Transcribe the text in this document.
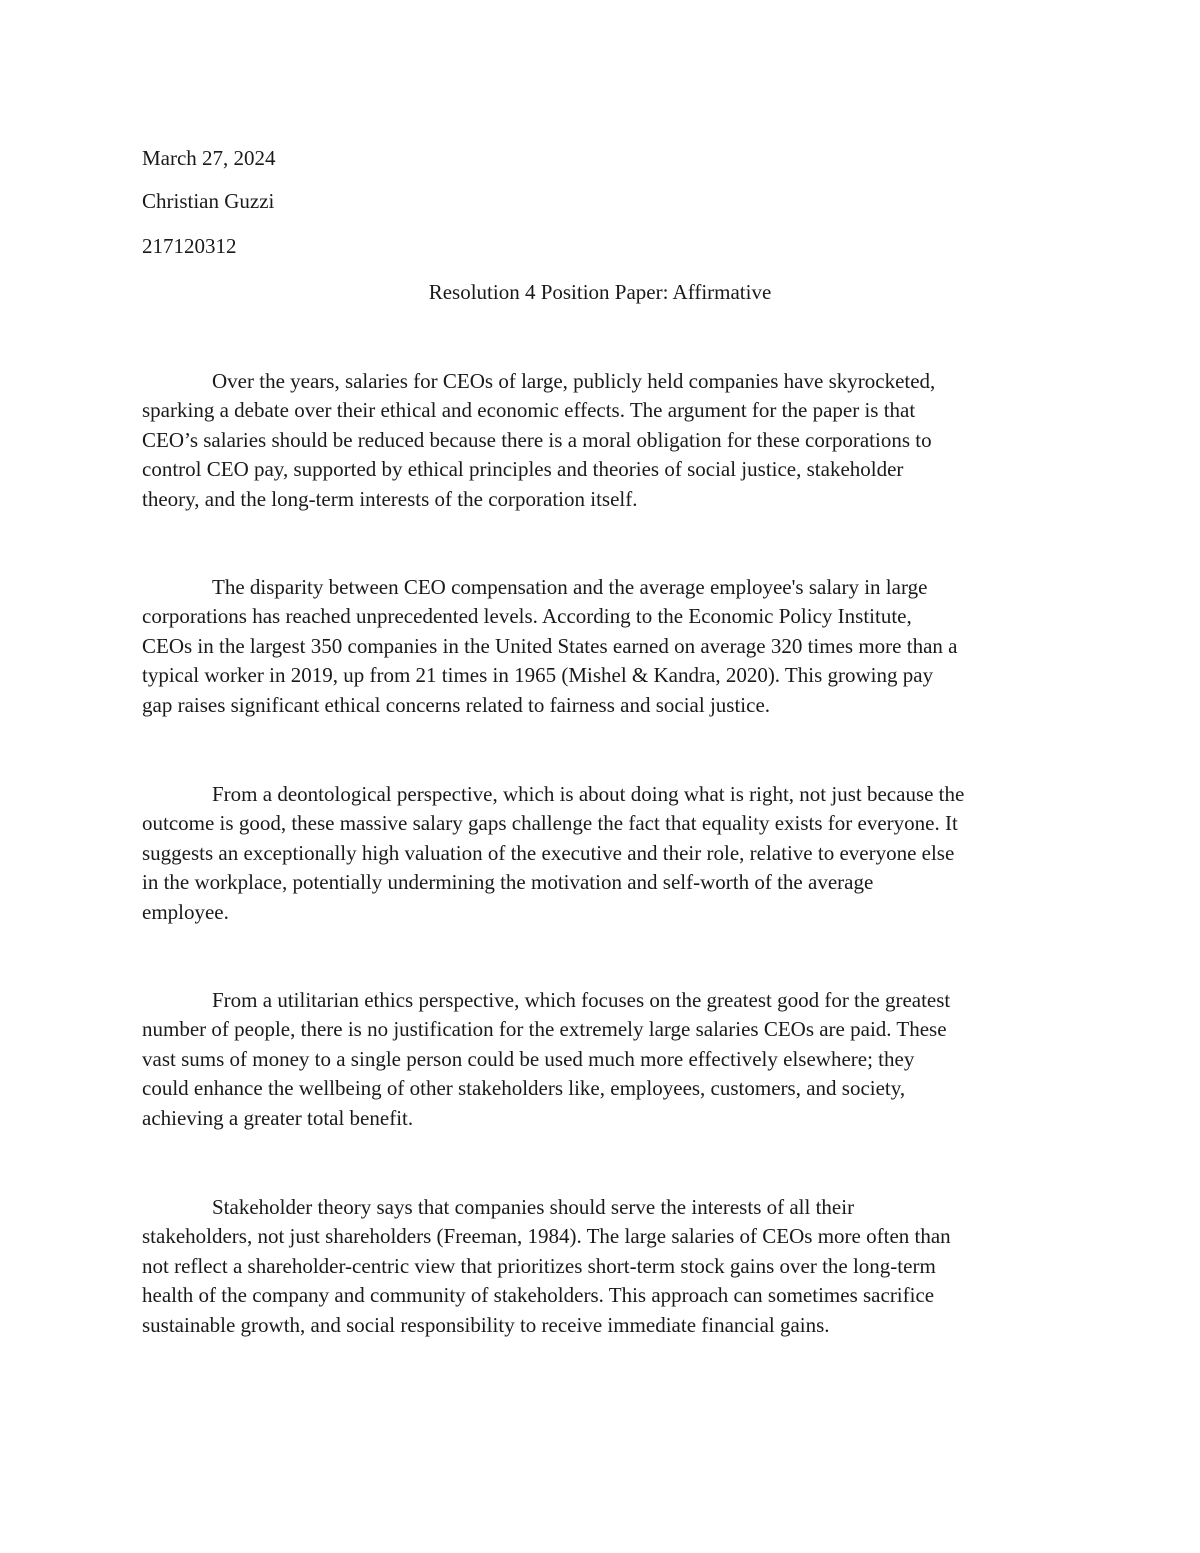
March 27, 2024

Christian Guzzi

217120312

Resolution 4 Position Paper: Affirmative

Over the years, salaries for CEOs of large, publicly held companies have skyrocketed,
sparking a debate over their ethical and economic effects. The argument for the paper is that
CEO’s salaries should be reduced because there is a moral obligation for these corporations to
control CEO pay, supported by ethical principles and theories of social justice, stakeholder
theory, and the long-term interests of the corporation itself.
The disparity between CEO compensation and the average employee's salary in large
corporations has reached unprecedented levels. According to the Economic Policy Institute,
CEOs in the largest 350 companies in the United States earned on average 320 times more than a
typical worker in 2019, up from 21 times in 1965 (Mishel & Kandra, 2020). This growing pay
gap raises significant ethical concerns related to fairness and social justice.
From a deontological perspective, which is about doing what is right, not just because the
outcome is good, these massive salary gaps challenge the fact that equality exists for everyone. It
suggests an exceptionally high valuation of the executive and their role, relative to everyone else
in the workplace, potentially undermining the motivation and self-worth of the average
employee.
From a utilitarian ethics perspective, which focuses on the greatest good for the greatest
number of people, there is no justification for the extremely large salaries CEOs are paid. These
vast sums of money to a single person could be used much more effectively elsewhere; they
could enhance the wellbeing of other stakeholders like, employees, customers, and society,
achieving a greater total benefit.
Stakeholder theory says that companies should serve the interests of all their
stakeholders, not just shareholders (Freeman, 1984). The large salaries of CEOs more often than
not reflect a shareholder-centric view that prioritizes short-term stock gains over the long-term
health of the company and community of stakeholders. This approach can sometimes sacrifice
sustainable growth, and social responsibility to receive immediate financial gains.
